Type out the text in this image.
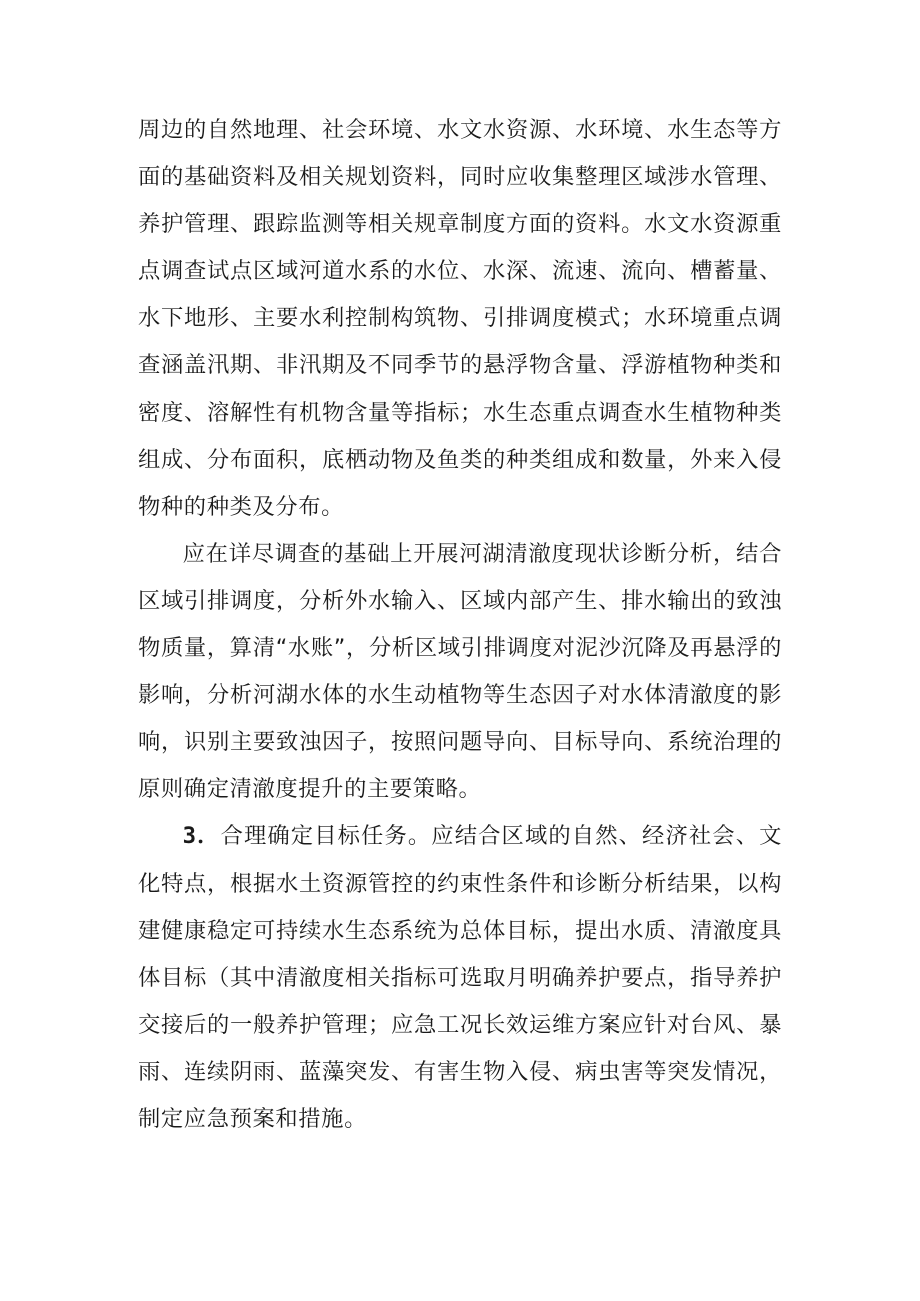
周边的自然地理、社会环境、水文水资源、水环境、水生态等方面的基础资料及相关规划资料，同时应收集整理区域涉水管理、养护管理、跟踪监测等相关规章制度方面的资料。水文水资源重点调查试点区域河道水系的水位、水深、流速、流向、槽蓄量、水下地形、主要水利控制构筑物、引排调度模式；水环境重点调查涵盖汛期、非汛期及不同季节的悬浮物含量、浮游植物种类和密度、溶解性有机物含量等指标；水生态重点调查水生植物种类组成、分布面积，底栖动物及鱼类的种类组成和数量，外来入侵物种的种类及分布。

应在详尽调查的基础上开展河湖清澈度现状诊断分析，结合区域引排调度，分析外水输入、区域内部产生、排水输出的致浊物质量，算清“水账”，分析区域引排调度对泥沙沉降及再悬浮的影响，分析河湖水体的水生动植物等生态因子对水体清澈度的影响，识别主要致浊因子，按照问题导向、目标导向、系统治理的原则确定清澈度提升的主要策略。

3．合理确定目标任务。应结合区域的自然、经济社会、文化特点，根据水土资源管控的约束性条件和诊断分析结果，以构建健康稳定可持续水生态系统为总体目标，提出水质、清澈度具体目标（其中清澈度相关指标可选取月明确养护要点，指导养护交接后的一般养护管理；应急工况长效运维方案应针对台风、暴雨、连续阴雨、蓝藻突发、有害生物入侵、病虫害等突发情况，制定应急预案和措施。
